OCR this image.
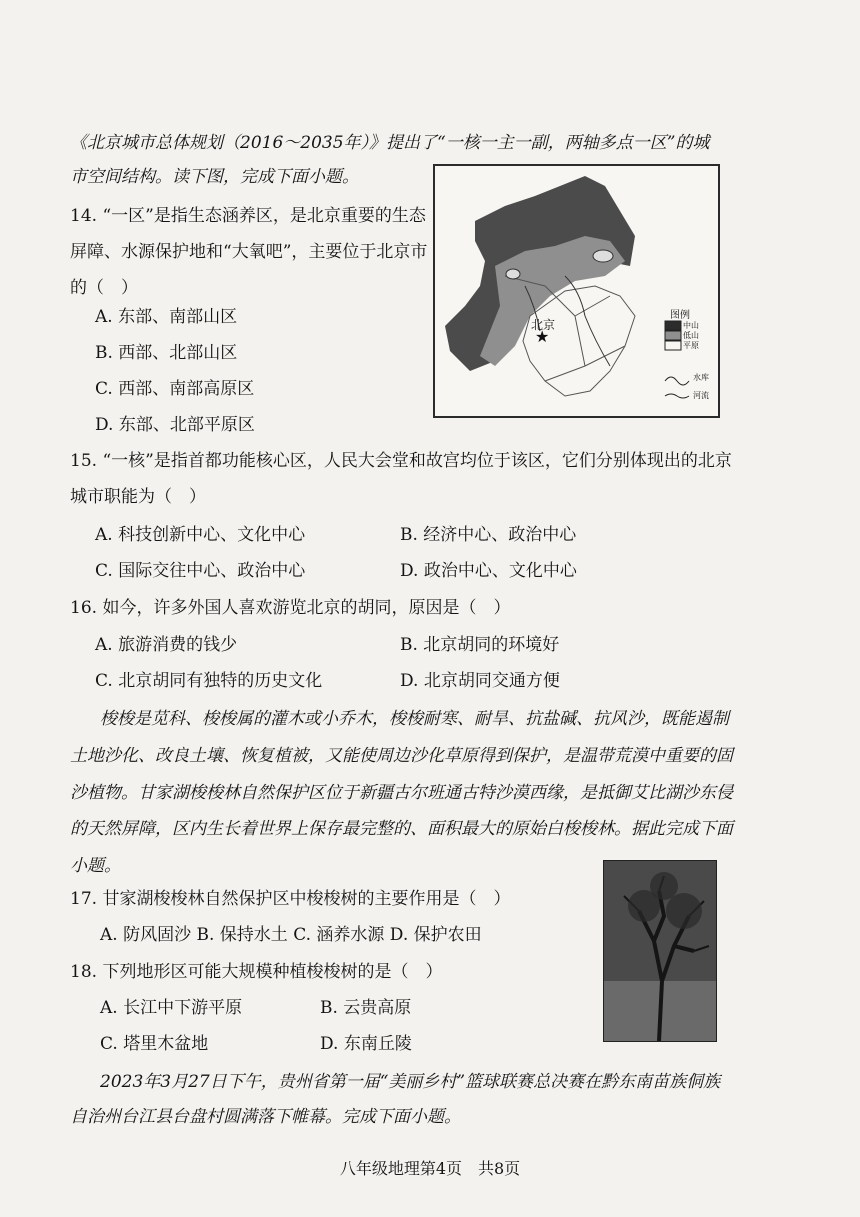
《北京城市总体规划（2016～2035年）》提出了“一核一主一副，两轴多点一区”的城市空间结构。读下图，完成下面小题。
14. “一区”是指生态涵养区，是北京重要的生态屏障、水源保护地和“大氧吧”，主要位于北京市的（　）
A. 东部、南部山区
B. 西部、北部山区
C. 西部、南部高原区
D. 东部、北部平原区
★
北京
图例
中山
低山
平原
水库
河流
15. “一核”是指首都功能核心区，人民大会堂和故宫均位于该区，它们分别体现出的北京
城市职能为（　）
A. 科技创新中心、文化中心	B. 经济中心、政治中心
C. 国际交往中心、政治中心	D. 政治中心、文化中心
16. 如今，许多外国人喜欢游览北京的胡同，原因是（　）
A. 旅游消费的钱少	B. 北京胡同的环境好
C. 北京胡同有独特的历史文化	D. 北京胡同交通方便
梭梭是苋科、梭梭属的灌木或小乔木，梭梭耐寒、耐旱、抗盐碱、抗风沙，既能遏制
土地沙化、改良土壤、恢复植被，又能使周边沙化草原得到保护，是温带荒漠中重要的固
沙植物。甘家湖梭梭林自然保护区位于新疆古尔班通古特沙漠西缘，是抵御艾比湖沙东侵
的天然屏障，区内生长着世界上保存最完整的、面积最大的原始白梭梭林。据此完成下面
小题。
17. 甘家湖梭梭林自然保护区中梭梭树的主要作用是（　）
A. 防风固沙 B. 保持水土 C. 涵养水源 D. 保护农田
18. 下列地形区可能大规模种植梭梭树的是（　）
A. 长江中下游平原	B. 云贵高原
C. 塔里木盆地	D. 东南丘陵
2023年3月27日下午，贵州省第一届“美丽乡村”篮球联赛总决赛在黔东南苗族侗族
自治州台江县台盘村圆满落下帷幕。完成下面小题。
八年级地理第4页　共8页
